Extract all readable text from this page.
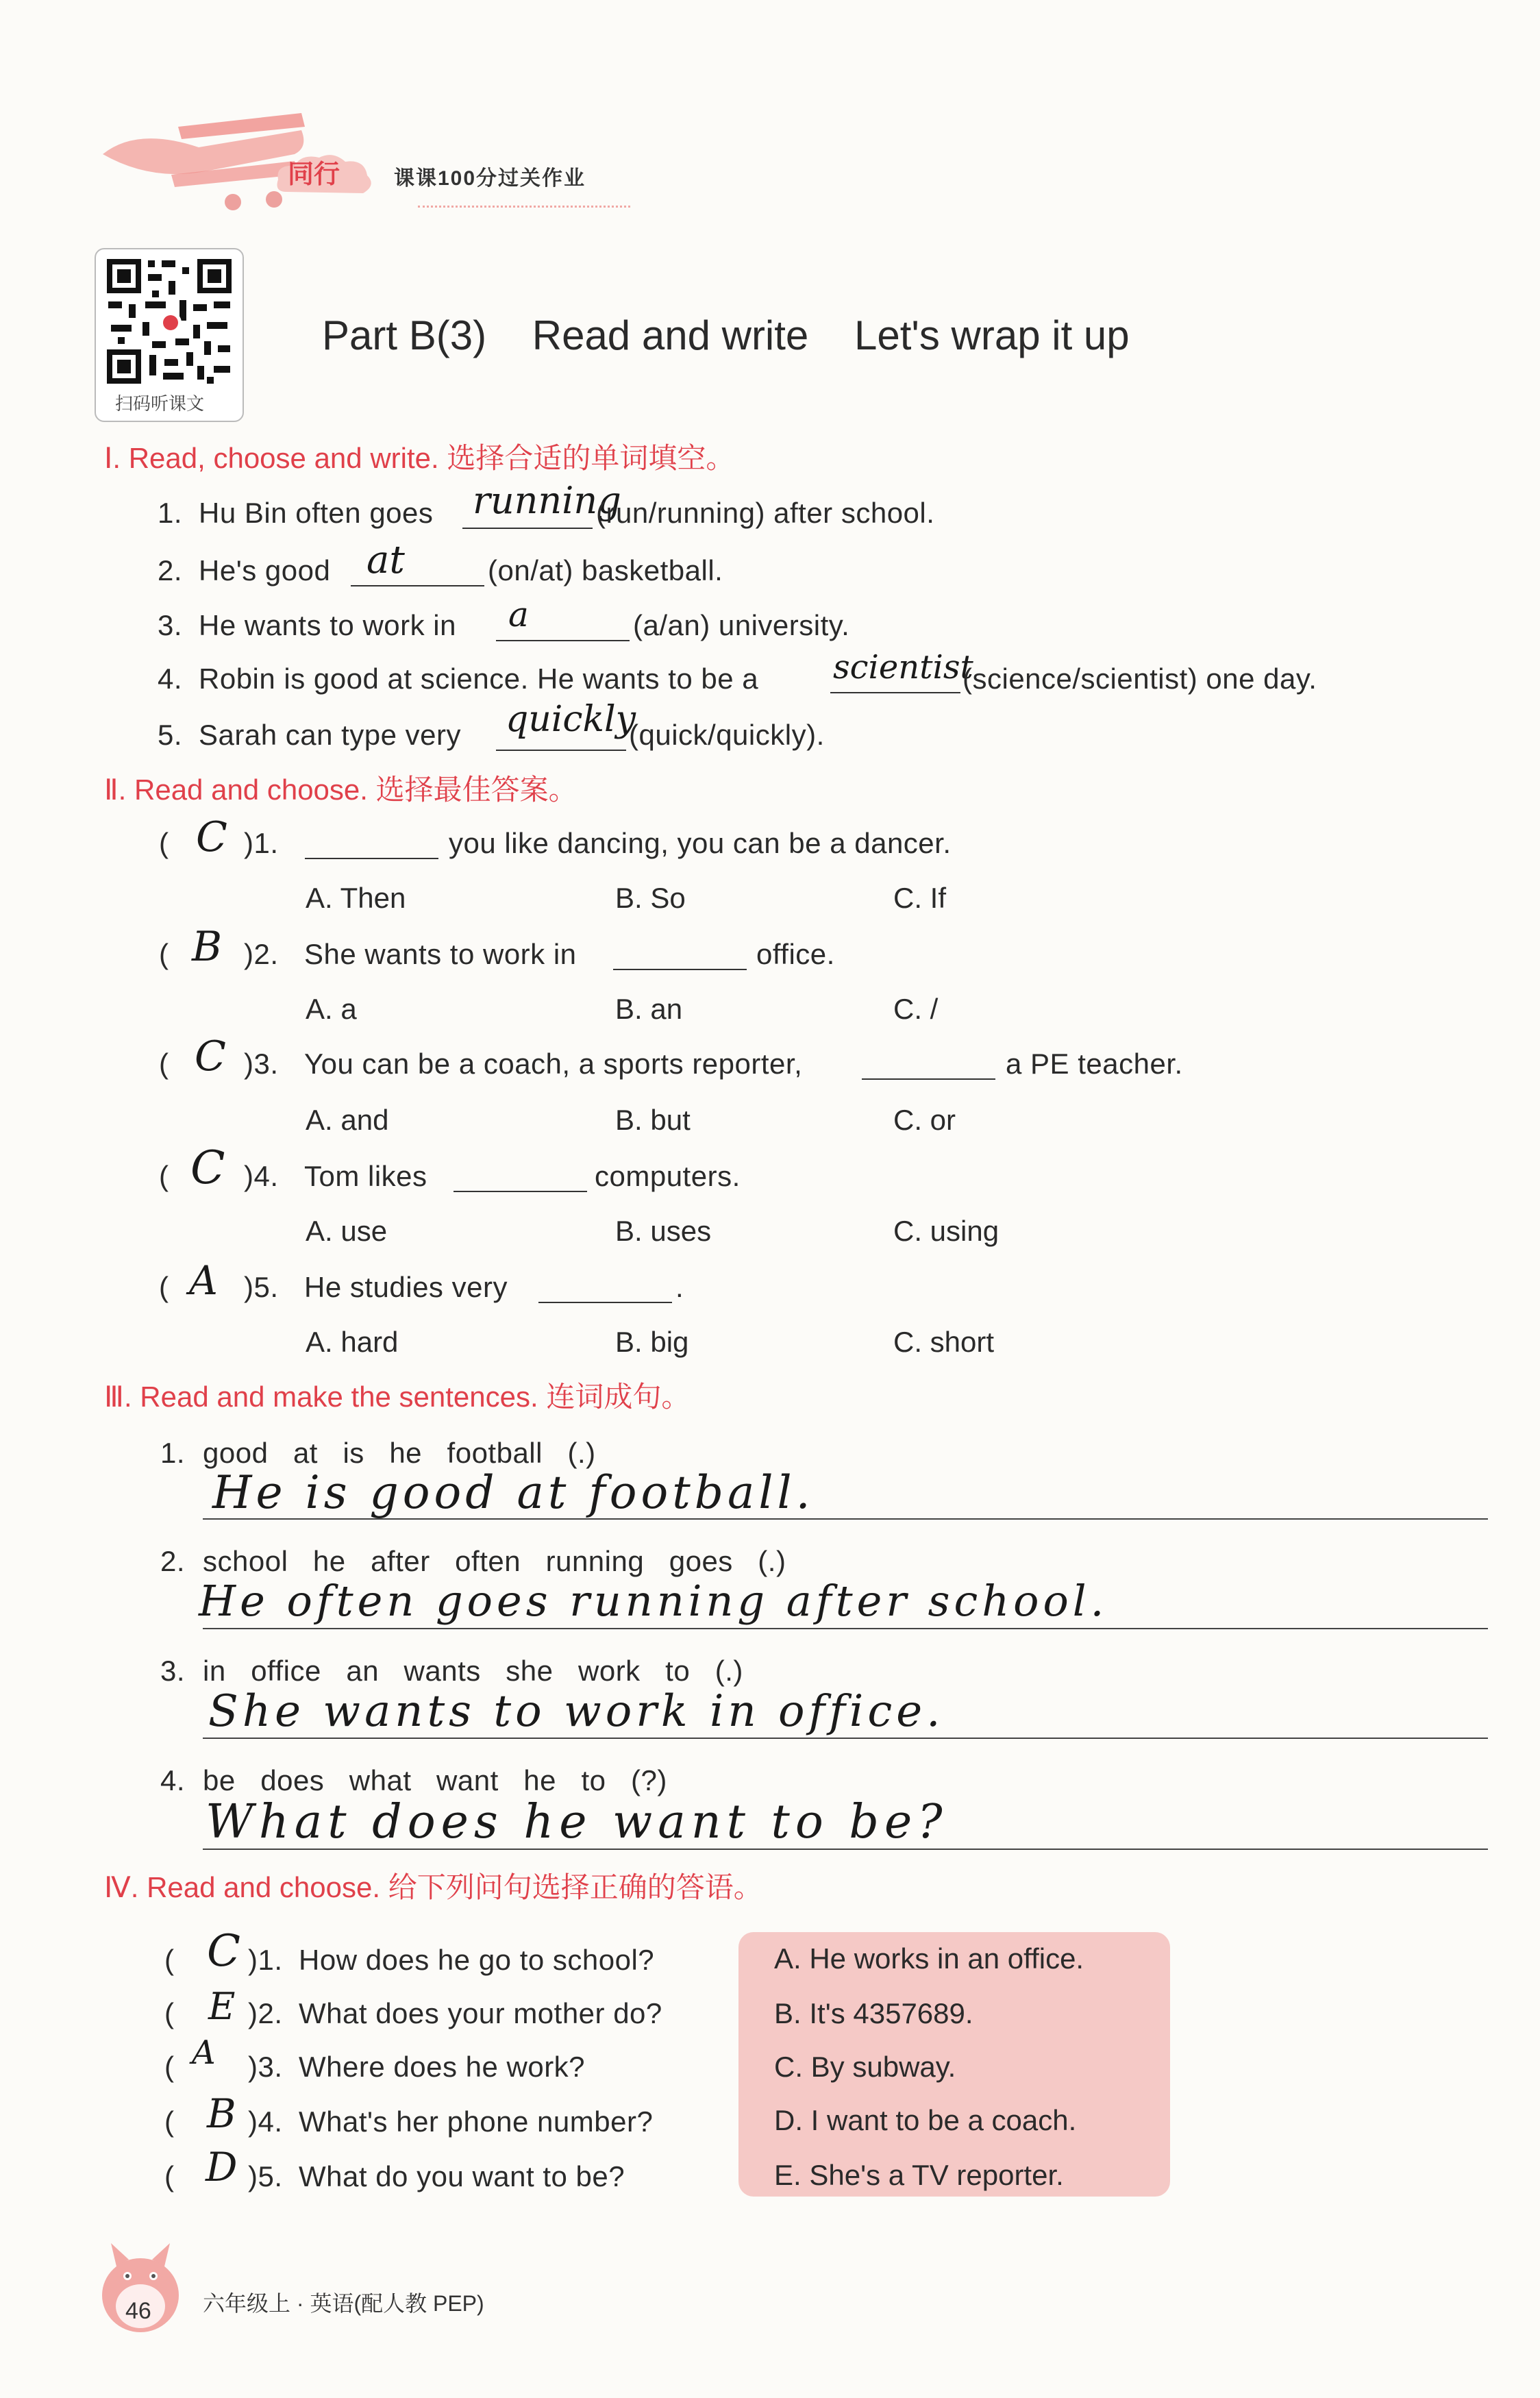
同行	课课100分过关作业
扫码听课文
Part B(3)    Read and write    Let's wrap it up
Ⅰ. Read, choose and write. 选择合适的单词填空。
1. Hu Bin often goes running
(run/running) after school.
2. He's good at	(on/at) basketball.
3. He wants to work in a	(a/an) university.
4. Robin is good at science. He wants to be a scientist
(science/scientist) one day.
5. Sarah can type very quickly
(quick/quickly).
Ⅱ. Read and choose. 选择最佳答案。
( C )1.	you like dancing, you can be a dancer.
A. Then	B. So	C. If
( B )2. She wants to work in	office.
A. a	B. an	C. /
( C )3. You can be a coach, a sports reporter,	a PE teacher.
A. and	B. but	C. or
( C )4. Tom likes	computers.
A. use	B. uses	C. using
( A )5. He studies very	.
A. hard	B. big	C. short
Ⅲ. Read and make the sentences. 连词成句。
1. good   at   is   he   football   (.)
He is good at football.
2. school   he   after   often   running   goes   (.)
He often goes running after school.
3. in   office   an   wants   she   work   to   (.)
She wants to work in office.
4. be   does   what   want   he   to   (?)
What does he want to be?
Ⅳ. Read and choose. 给下列问句选择正确的答语。
A. He works in an office.
B. It's 4357689.
C. By subway.
D. I want to be a coach.
E. She's a TV reporter.
( C )1. How does he go to school?
( E )2. What does your mother do?
( A )3. Where does he work?
( B )4. What's her phone number?
( D )5. What do you want to be?
46 六年级上 · 英语(配人教 PEP)
